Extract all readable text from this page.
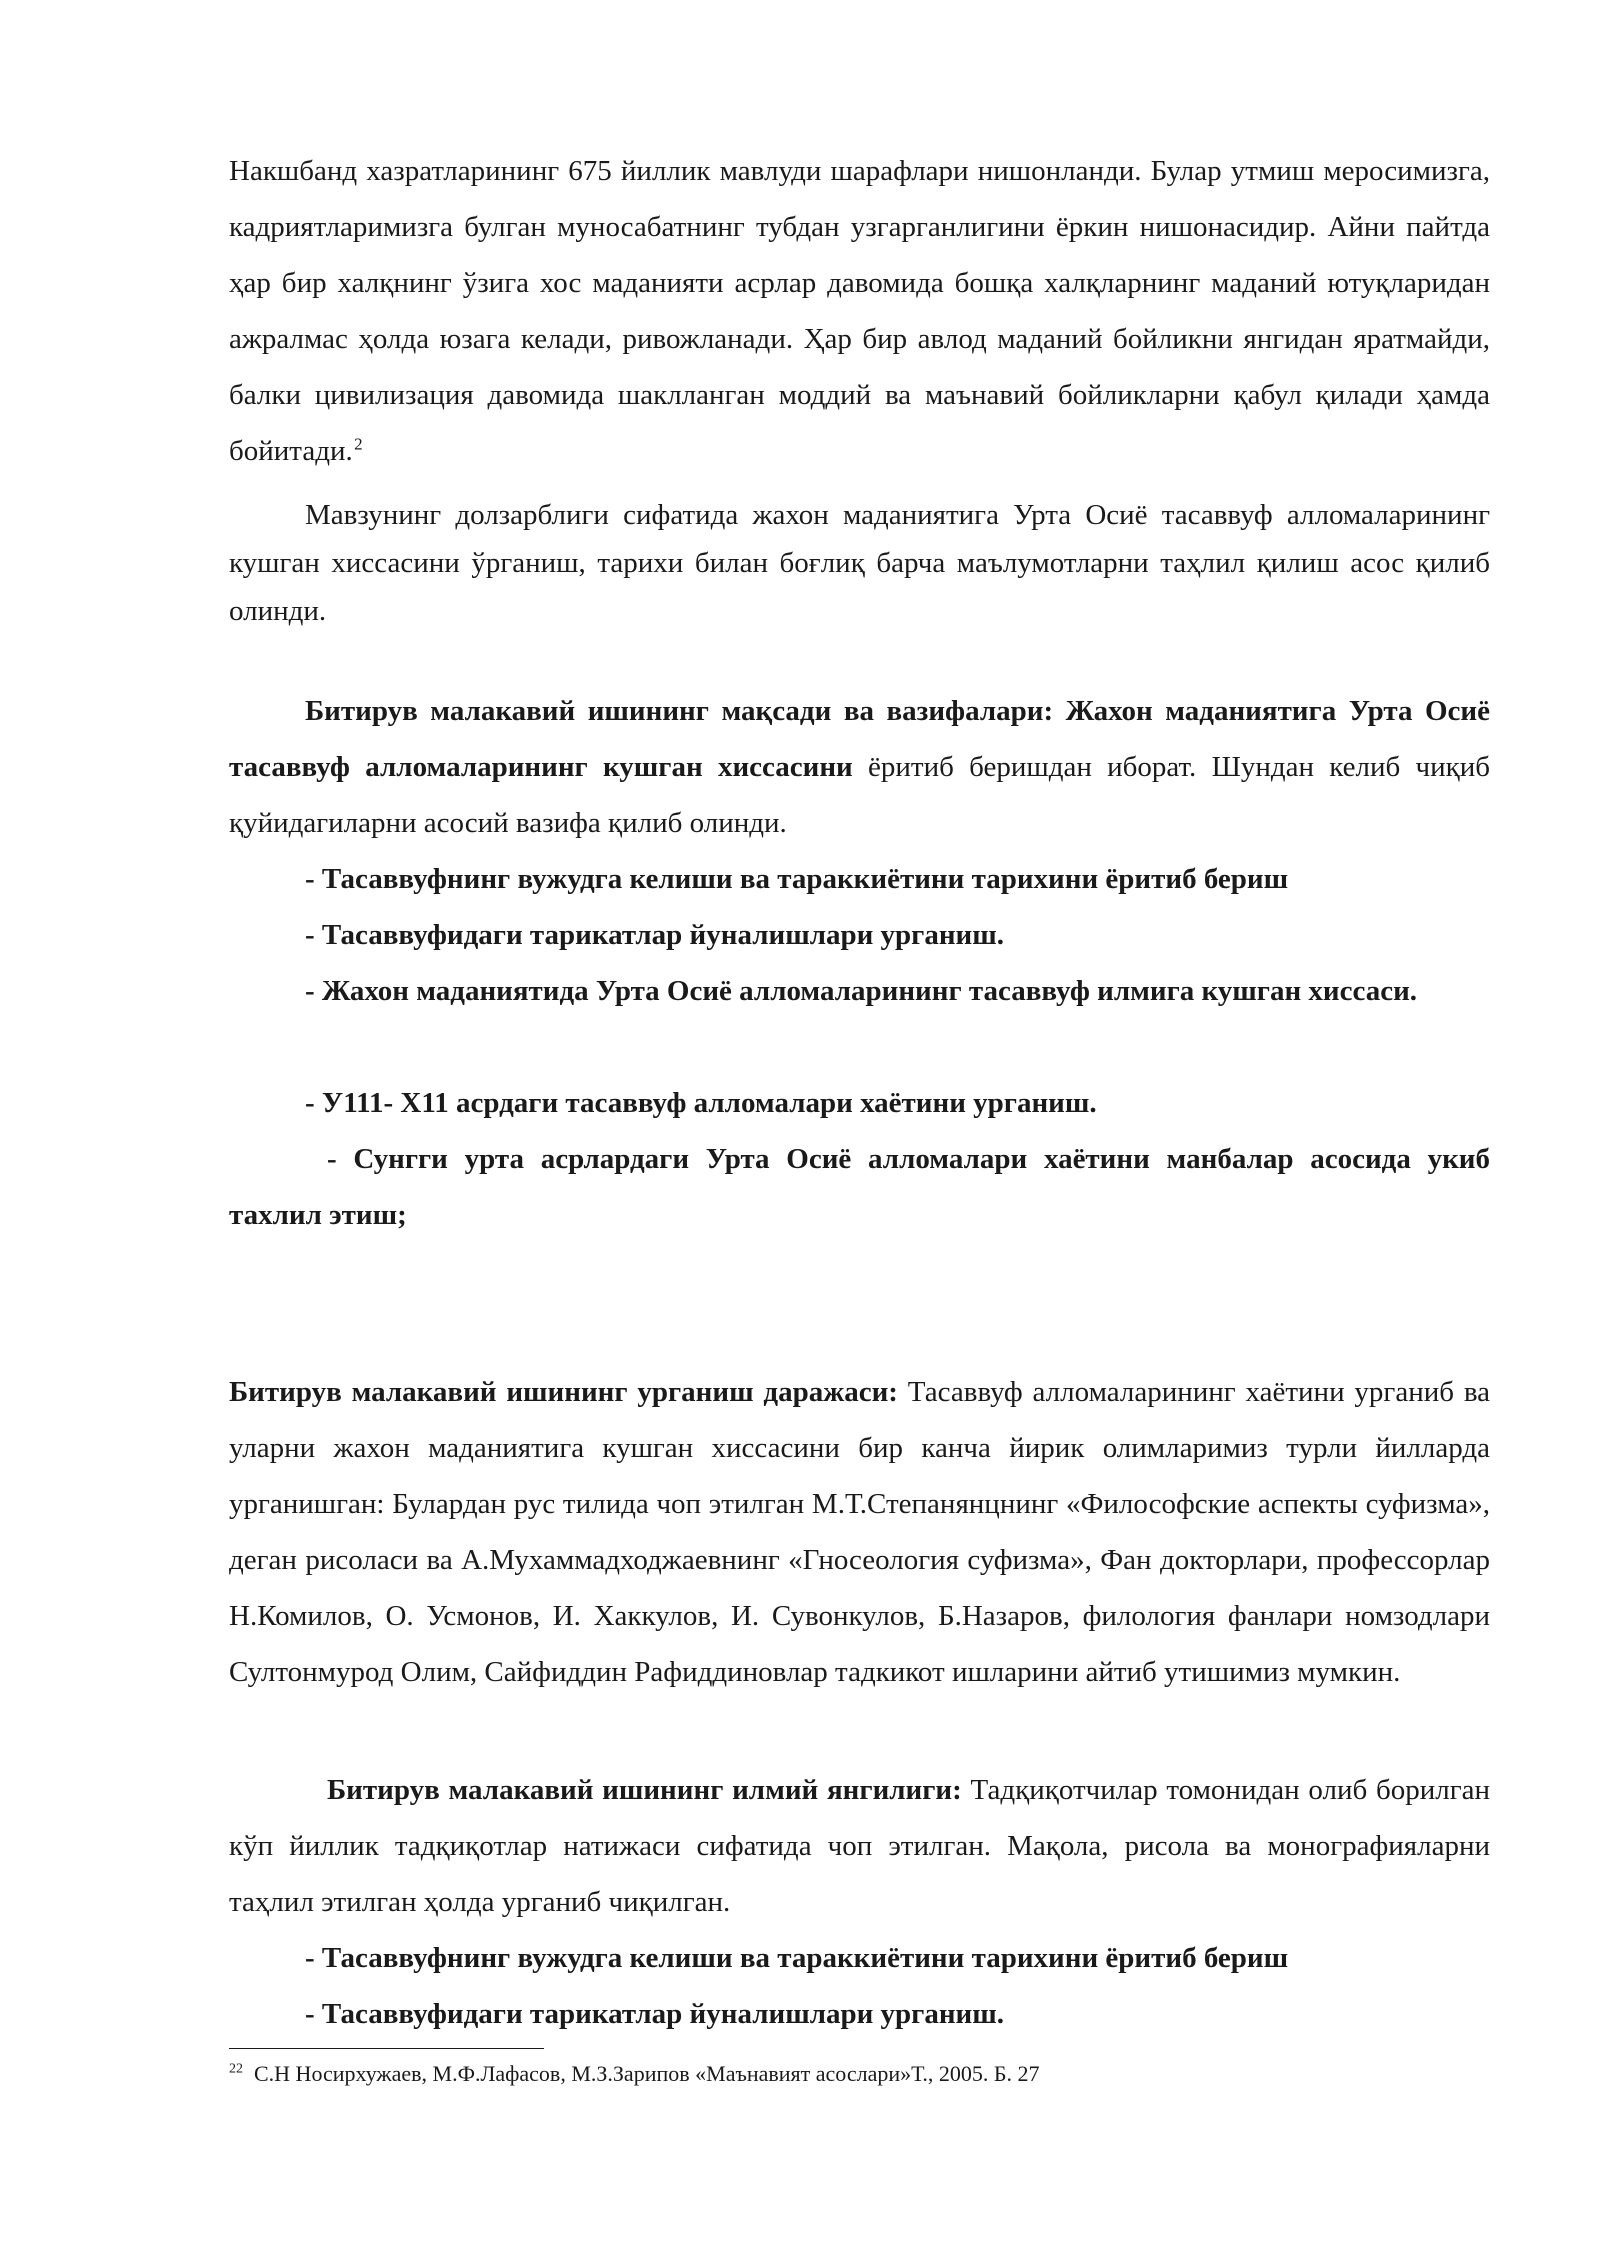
Накшбанд хазратларининг 675 йиллик мавлуди шарафлари нишонланди. Булар утмиш меросимизга, кадриятларимизга булган муносабатнинг тубдан узгарганлигини ёркин нишонасидир. Айни пайтда ҳар бир халқнинг ўзига хос маданияти асрлар давомида бошқа халқларнинг маданий ютуқларидан ажралмас ҳолда юзага келади, ривожланади. Ҳар бир авлод маданий бойликни янгидан яратмайди, балки цивилизация давомида шаклланган моддий ва маънавий бойликларни қабул қилади ҳамда бойитади. $^2$

Мавзунинг долзарблиги сифатида жахон маданиятига Урта Осиё тасаввуф алломаларининг кушган хиссасини ўрганиш, тарихи билан боғлиқ барча маълумотларни таҳлил қилиш асос қилиб олинди.

Битирув малакавий ишининг мақсади ва вазифалари: Жахон маданиятига Урта Осиё тасаввуф алломаларининг кушган хиссасини ёритиб беришдан иборат. Шундан келиб чиқиб қуйидагиларни асосий вазифа қилиб олинди.

- Тасаввуфнинг вужудга келиши ва тараккиётини тарихини ёритиб бериш

- Тасаввуфидаги тарикатлар йуналишлари урганиш.

- Жахон маданиятида Урта Осиё алломаларининг тасаввуф илмига кушган хиссаси.

- У111- Х11 асрдаги тасаввуф алломалари хаётини урганиш.

- Сунгги урта асрлардаги Урта Осиё алломалари хаётини манбалар асосида укиб тахлил этиш;

Битирув малакавий ишининг урганиш даражаси: Тасаввуф алломаларининг хаётини урганиб ва уларни жахон маданиятига кушган хиссасини бир канча йирик олимларимиз турли йилларда урганишган: Булардан рус тилида чоп этилган М.Т.Степанянцнинг «Философские аспекты суфизма», деган рисоласи ва А.Мухаммадходжаевнинг «Гносеология суфизма», Фан докторлари, профессорлар Н.Комилов, О. Усмонов, И. Хаккулов, И. Сувонкулов, Б.Назаров, филология фанлари номзодлари Султонмурод Олим, Сайфиддин Рафиддиновлар тадкикот ишларини айтиб утишимиз мумкин.

Битирув малакавий ишининг илмий янгилиги: Тадқиқотчилар томонидан олиб борилган кўп йиллик тадқиқотлар натижаси сифатида чоп этилган. Мақола, рисола ва монографияларни таҳлил этилган ҳолда урганиб чиқилган.

- Тасаввуфнинг вужудга келиши ва тараккиётини тарихини ёритиб бериш

- Тасаввуфидаги тарикатлар йуналишлари урганиш.

$^{22}$ С.Н Носирхужаев, М.Ф.Лафасов, М.З.Зарипов «Маънавият асослари»Т., 2005. Б. 27
